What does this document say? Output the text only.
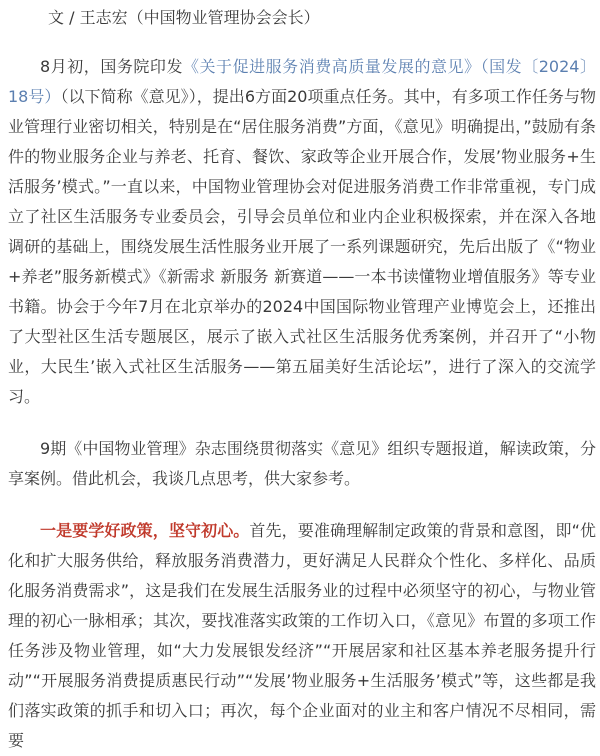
文 / 王志宏（中国物业管理协会会长）

8月初，国务院印发《关于促进服务消费高质量发展的意见》（国发〔2024〕18号）（以下简称《意见》），提出6方面20项重点任务。其中，有多项工作任务与物业管理行业密切相关，特别是在“居住服务消费”方面，《意见》明确提出，”鼓励有条件的物业服务企业与养老、托育、餐饮、家政等企业开展合作，发展’物业服务+生活服务’模式。”一直以来，中国物业管理协会对促进服务消费工作非常重视，专门成立了社区生活服务专业委员会，引导会员单位和业内企业积极探索，并在深入各地调研的基础上，围绕发展生活性服务业开展了一系列课题研究，先后出版了《“物业+养老”服务新模式》《新需求 新服务 新赛道——一本书读懂物业增值服务》等专业书籍。协会于今年7月在北京举办的2024中国国际物业管理产业博览会上，还推出了大型社区生活专题展区，展示了嵌入式社区生活服务优秀案例，并召开了“小物业，大民生’嵌入式社区生活服务——第五届美好生活论坛”，进行了深入的交流学习。

9期《中国物业管理》杂志围绕贯彻落实《意见》组织专题报道，解读政策，分享案例。借此机会，我谈几点思考，供大家参考。

一是要学好政策，坚守初心。首先，要准确理解制定政策的背景和意图，即“优化和扩大服务供给，释放服务消费潜力，更好满足人民群众个性化、多样化、品质化服务消费需求”，这是我们在发展生活服务业的过程中必须坚守的初心，与物业管理的初心一脉相承；其次，要找准落实政策的工作切入口，《意见》布置的多项工作任务涉及物业管理，如“大力发展银发经济”“开展居家和社区基本养老服务提升行动”“开展服务消费提质惠民行动”“发展’物业服务+生活服务’模式”等，这些都是我们落实政策的抓手和切入口；再次，每个企业面对的业主和客户情况不尽相同，需要
